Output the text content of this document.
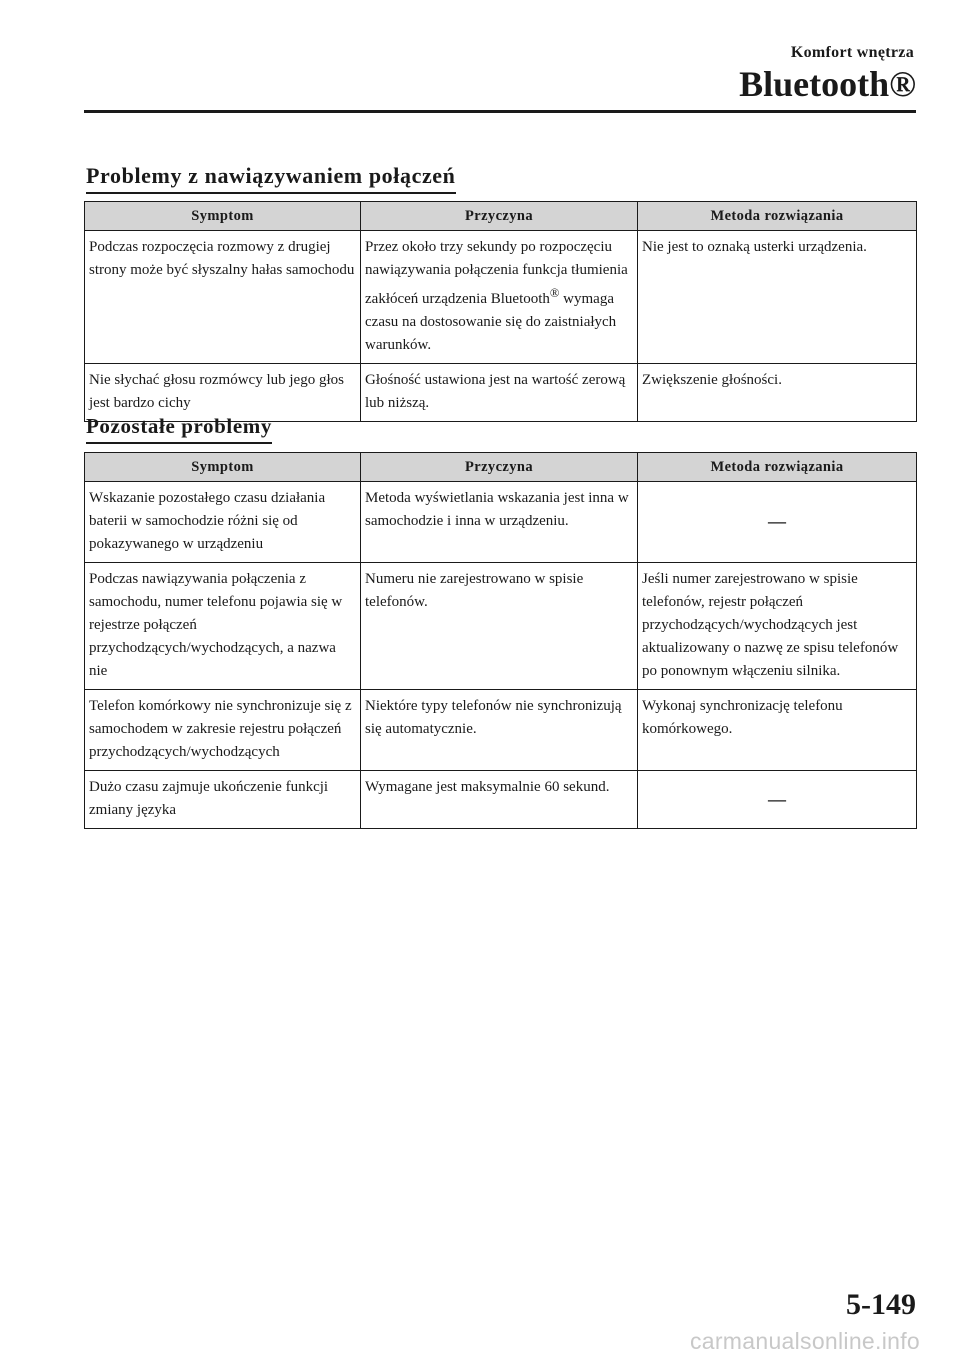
Komfort wnętrza
Bluetooth®
Problemy z nawiązywaniem połączeń
Symptom	Przyczyna	Metoda rozwiązania
Podczas rozpoczęcia rozmowy z drugiej strony może być słyszalny hałas samochodu	Przez około trzy sekundy po rozpoczęciu nawiązywania połączenia funkcja tłumienia zakłóceń urządzenia Bluetooth® wymaga czasu na dostosowanie się do zaistniałych warunków.	Nie jest to oznaką usterki urządzenia.
Nie słychać głosu rozmówcy lub jego głos jest bardzo cichy	Głośność ustawiona jest na wartość zerową lub niższą.	Zwiększenie głośności.
Pozostałe problemy
Symptom	Przyczyna	Metoda rozwiązania
Wskazanie pozostałego czasu działania baterii w samochodzie różni się od pokazywanego w urządzeniu	Metoda wyświetlania wskazania jest inna w samochodzie i inna w urządzeniu.	—
Podczas nawiązywania połączenia z samochodu, numer telefonu pojawia się w rejestrze połączeń przychodzących/wychodzących, a nazwa nie	Numeru nie zarejestrowano w spisie telefonów.	Jeśli numer zarejestrowano w spisie telefonów, rejestr połączeń przychodzących/wychodzących jest aktualizowany o nazwę ze spisu telefonów po ponownym włączeniu silnika.
Telefon komórkowy nie synchronizuje się z samochodem w zakresie rejestru połączeń przychodzących/wychodzących	Niektóre typy telefonów nie synchronizują się automatycznie.	Wykonaj synchronizację telefonu komórkowego.
Dużo czasu zajmuje ukończenie funkcji zmiany języka	Wymagane jest maksymalnie 60 sekund.	—
5-149
carmanualsonline.info
